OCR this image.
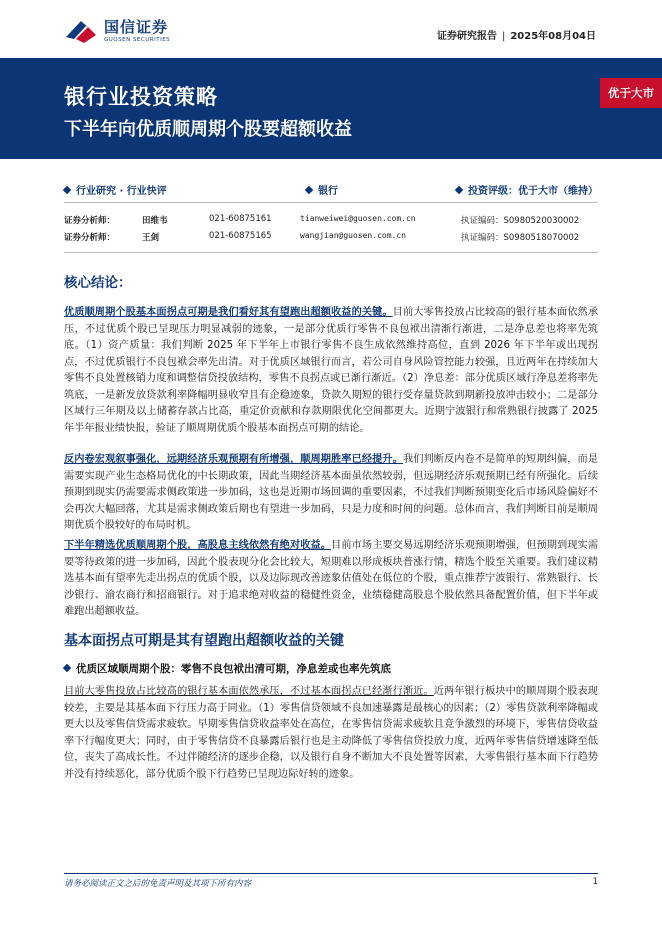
国信证券
GUOSEN SECURITIES	证券研究报告 | 2025年08月04日
银行业投资策略
下半年向优质顺周期个股要超额收益
优于大市
行业研究 · 行业快评	银行	投资评级：优于大市（维持）
证券分析师：	田维韦	021-60875161	tianweiwei@guosen.com.cn	执证编码：S0980520030002
证券分析师：	王剑	021-60875165	wangjian@guosen.com.cn	执证编码：S0980518070002
核心结论：
优质顺周期个股基本面拐点可期是我们看好其有望跑出超额收益的关键。目前大零售投放占比较高的银行基本面依然承压，不过优质个股已呈现压力明显减弱的迹象，一是部分优质行零售不良包袱出清渐行渐进，二是净息差也将率先筑底。（1）资产质量：我们判断 2025 年下半年上市银行零售不良生成依然维持高位，直到 2026 年下半年或出现拐点，不过优质银行不良包袱会率先出清。对于优质区域银行而言，若公司自身风险管控能力较强，且近两年在持续加大零售不良处置核销力度和调整信贷投放结构，零售不良拐点或已渐行渐近。（2）净息差：部分优质区域行净息差将率先筑底，一是新发放贷款利率降幅明显收窄且有企稳迹象，贷款久期短的银行受存量贷款到期新投放冲击较小；二是部分区域行三年期及以上储蓄存款占比高，重定价贡献和存款期限优化空间都更大。近期宁波银行和常熟银行披露了 2025 年半年报业绩快报，验证了顺周期优质个股基本面拐点可期的结论。
反内卷宏观叙事强化，远期经济乐观预期有所增强，顺周期胜率已经提升。我们判断反内卷不是简单的短期纠偏，而是需要实现产业生态格局优化的中长期政策，因此当期经济基本面虽依然较弱，但远期经济乐观预期已经有所强化。后续预期到现实仍需要需求侧政策进一步加码，这也是近期市场回调的重要因素，不过我们判断预期变化后市场风险偏好不会再次大幅回落，尤其是需求侧政策后期也有望进一步加码，只是力度和时间的问题。总体而言，我们判断目前是顺周期优质个股较好的布局时机。
下半年精选优质顺周期个股，高股息主线依然有绝对收益。目前市场主要交易远期经济乐观预期增强，但预期到现实需要等待政策的进一步加码，因此个股表现分化会比较大，短期难以形成板块普涨行情，精选个股至关重要。我们建议精选基本面有望率先走出拐点的优质个股，以及边际现改善迹象估值处在低位的个股，重点推荐宁波银行、常熟银行、长沙银行、渝农商行和招商银行。对于追求绝对收益的稳健性资金，业绩稳健高股息个股依然具备配置价值，但下半年或难跑出超额收益。
基本面拐点可期是其有望跑出超额收益的关键
优质区域顺周期个股：零售不良包袱出清可期，净息差或也率先筑底
目前大零售投放占比较高的银行基本面依然承压，不过基本面拐点已经渐行渐近。近两年银行板块中的顺周期个股表现较差，主要是其基本面下行压力高于同业。（1）零售信贷领域不良加速暴露是最核心的因素；（2）零售贷款利率降幅或更大以及零售信贷需求疲软。早期零售信贷收益率处在高位，在零售信贷需求疲软且竞争激烈的环境下，零售信贷收益率下行幅度更大；同时，由于零售信贷不良暴露后银行也是主动降低了零售信贷投放力度，近两年零售信贷增速降至低位，丧失了高成长性。不过伴随经济的逐步企稳，以及银行自身不断加大不良处置等因素，大零售银行基本面下行趋势并没有持续恶化，部分优质个股下行趋势已呈现边际好转的迹象。
请务必阅读正文之后的免责声明及其项下所有内容	1
